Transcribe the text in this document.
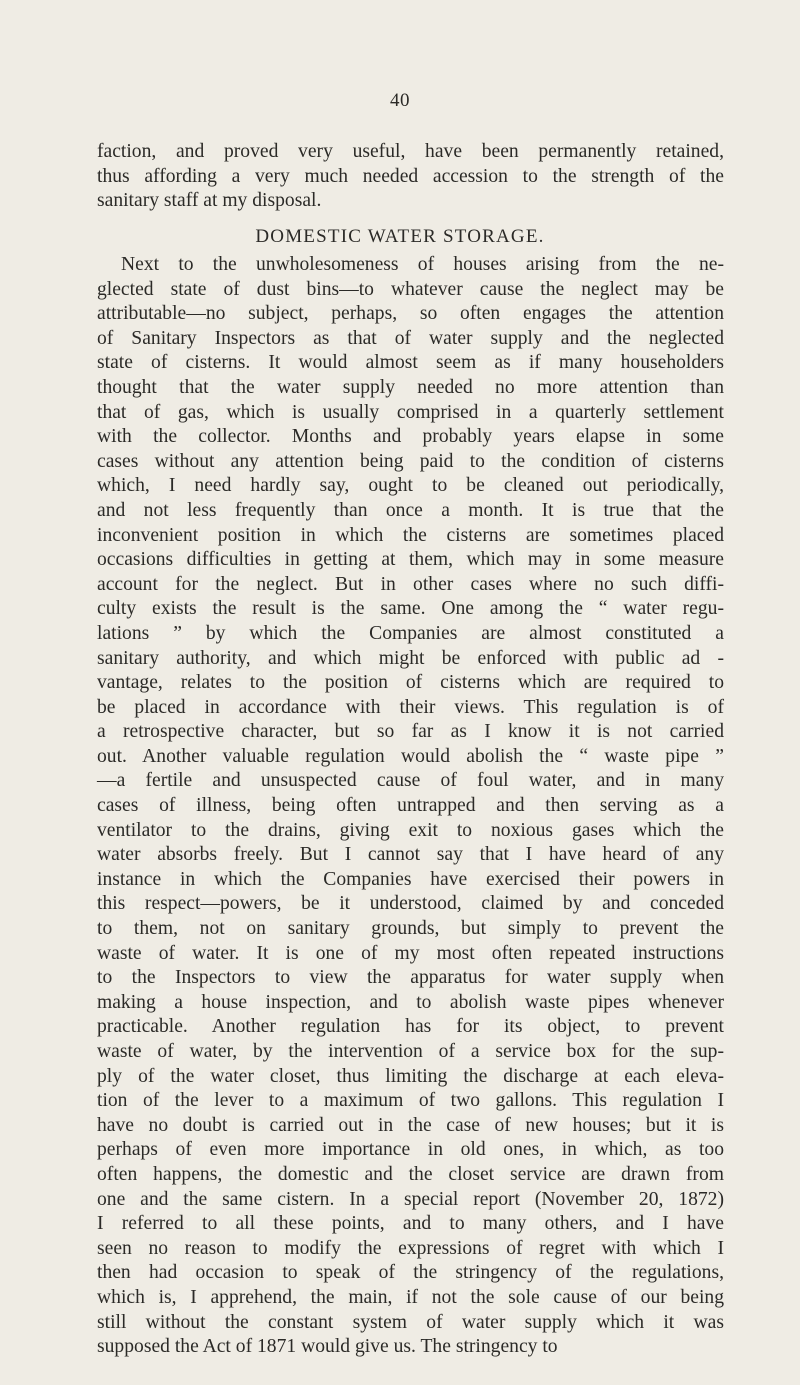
40
faction, and proved very useful, have been permanently retained,
thus affording a very much needed accession to the strength of the
sanitary staff at my disposal.
DOMESTIC WATER STORAGE.
Next to the unwholesomeness of houses arising from the ne-
glected state of dust bins—to whatever cause the neglect may be
attributable—no subject, perhaps, so often engages the attention
of Sanitary Inspectors as that of water supply and the neglected
state of cisterns. It would almost seem as if many householders
thought that the water supply needed no more attention than
that of gas, which is usually comprised in a quarterly settlement
with the collector. Months and probably years elapse in some
cases without any attention being paid to the condition of cisterns
which, I need hardly say, ought to be cleaned out periodically,
and not less frequently than once a month. It is true that the
inconvenient position in which the cisterns are sometimes placed
occasions difficulties in getting at them, which may in some measure
account for the neglect. But in other cases where no such diffi-
culty exists the result is the same. One among the “ water regu-
lations ” by which the Companies are almost constituted a
sanitary authority, and which might be enforced with public ad -
vantage, relates to the position of cisterns which are required to
be placed in accordance with their views. This regulation is of
a retrospective character, but so far as I know it is not carried
out. Another valuable regulation would abolish the “ waste pipe ”
—a fertile and unsuspected cause of foul water, and in many
cases of illness, being often untrapped and then serving as a
ventilator to the drains, giving exit to noxious gases which the
water absorbs freely. But I cannot say that I have heard of any
instance in which the Companies have exercised their powers in
this respect—powers, be it understood, claimed by and conceded
to them, not on sanitary grounds, but simply to prevent the
waste of water. It is one of my most often repeated instructions
to the Inspectors to view the apparatus for water supply when
making a house inspection, and to abolish waste pipes whenever
practicable. Another regulation has for its object, to prevent
waste of water, by the intervention of a service box for the sup-
ply of the water closet, thus limiting the discharge at each eleva-
tion of the lever to a maximum of two gallons. This regulation I
have no doubt is carried out in the case of new houses; but it is
perhaps of even more importance in old ones, in which, as too
often happens, the domestic and the closet service are drawn from
one and the same cistern. In a special report (November 20, 1872)
I referred to all these points, and to many others, and I have
seen no reason to modify the expressions of regret with which I
then had occasion to speak of the stringency of the regulations,
which is, I apprehend, the main, if not the sole cause of our being
still without the constant system of water supply which it was
supposed the Act of 1871 would give us. The stringency to
